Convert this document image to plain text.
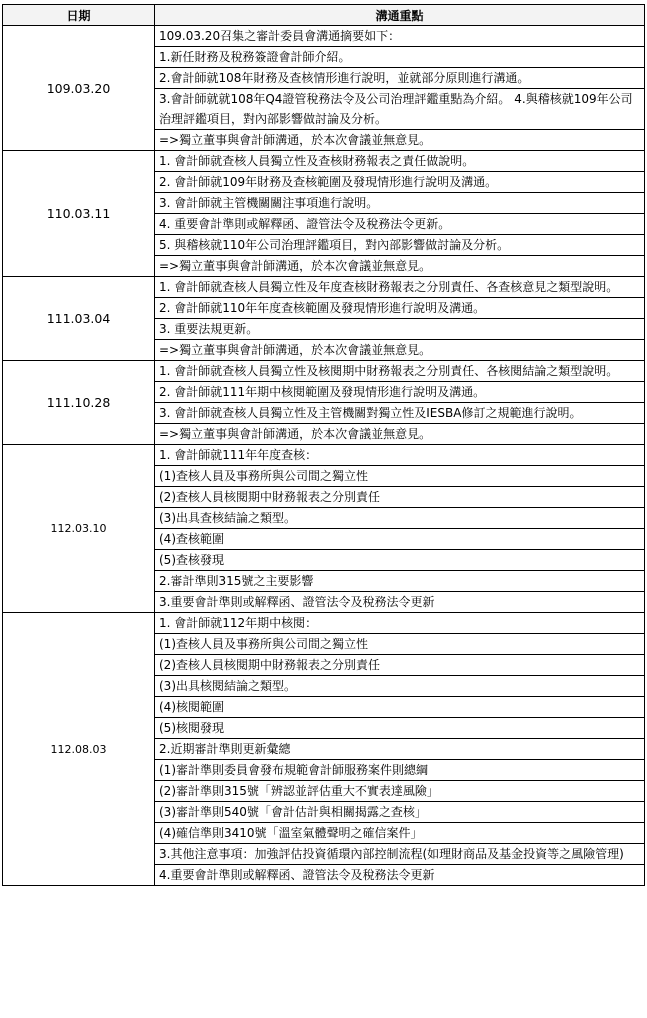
日期	溝通重點
109.03.20	109.03.20召集之審計委員會溝通摘要如下：
	1.新任財務及稅務簽證會計師介紹。
	2.會計師就108年財務及查核情形進行說明，並就部分原則進行溝通。
	3.會計師就就108年Q4證管稅務法令及公司治理評鑑重點為介紹。 4.與稽核就109年公司治理評鑑項目，對內部影響做討論及分析。
	=>獨立董事與會計師溝通，於本次會議並無意見。
110.03.11	1. 會計師就查核人員獨立性及查核財務報表之責任做說明。
	2. 會計師就109年財務及查核範圍及發現情形進行說明及溝通。
	3. 會計師就主管機關關注事項進行說明。
	4. 重要會計準則或解釋函、證管法令及稅務法令更新。
	5. 與稽核就110年公司治理評鑑項目，對內部影響做討論及分析。
	=>獨立董事與會計師溝通，於本次會議並無意見。
111.03.04	1. 會計師就查核人員獨立性及年度查核財務報表之分別責任、各查核意見之類型說明。
	2. 會計師就110年年度查核範圍及發現情形進行說明及溝通。
	3. 重要法規更新。
	=>獨立董事與會計師溝通，於本次會議並無意見。
111.10.28	1. 會計師就查核人員獨立性及核閱期中財務報表之分別責任、各核閱結論之類型說明。
	2. 會計師就111年期中核閱範圍及發現情形進行說明及溝通。
	3. 會計師就查核人員獨立性及主管機關對獨立性及IESBA修訂之規範進行說明。
	=>獨立董事與會計師溝通，於本次會議並無意見。
112.03.10	1. 會計師就111年年度查核：
	(1)查核人員及事務所與公司間之獨立性
	(2)查核人員核閱期中財務報表之分別責任
	(3)出具查核結論之類型。
	(4)查核範圍
	(5)查核發現
	2.審計準則315號之主要影響
	3.重要會計準則或解釋函、證管法令及稅務法令更新
112.08.03	1. 會計師就112年期中核閱：
	(1)查核人員及事務所與公司間之獨立性
	(2)查核人員核閱期中財務報表之分別責任
	(3)出具核閱結論之類型。
	(4)核閱範圍
	(5)核閱發現
	2.近期審計準則更新彙總
	(1)審計準則委員會發布規範會計師服務案件則總綱
	(2)審計準則315號「辨認並評估重大不實表達風險」
	(3)審計準則540號「會計估計與相關揭露之查核」
	(4)確信準則3410號「溫室氣體聲明之確信案件」
	3.其他注意事項：加強評估投資循環內部控制流程(如理財商品及基金投資等之風險管理)
	4.重要會計準則或解釋函、證管法令及稅務法令更新
